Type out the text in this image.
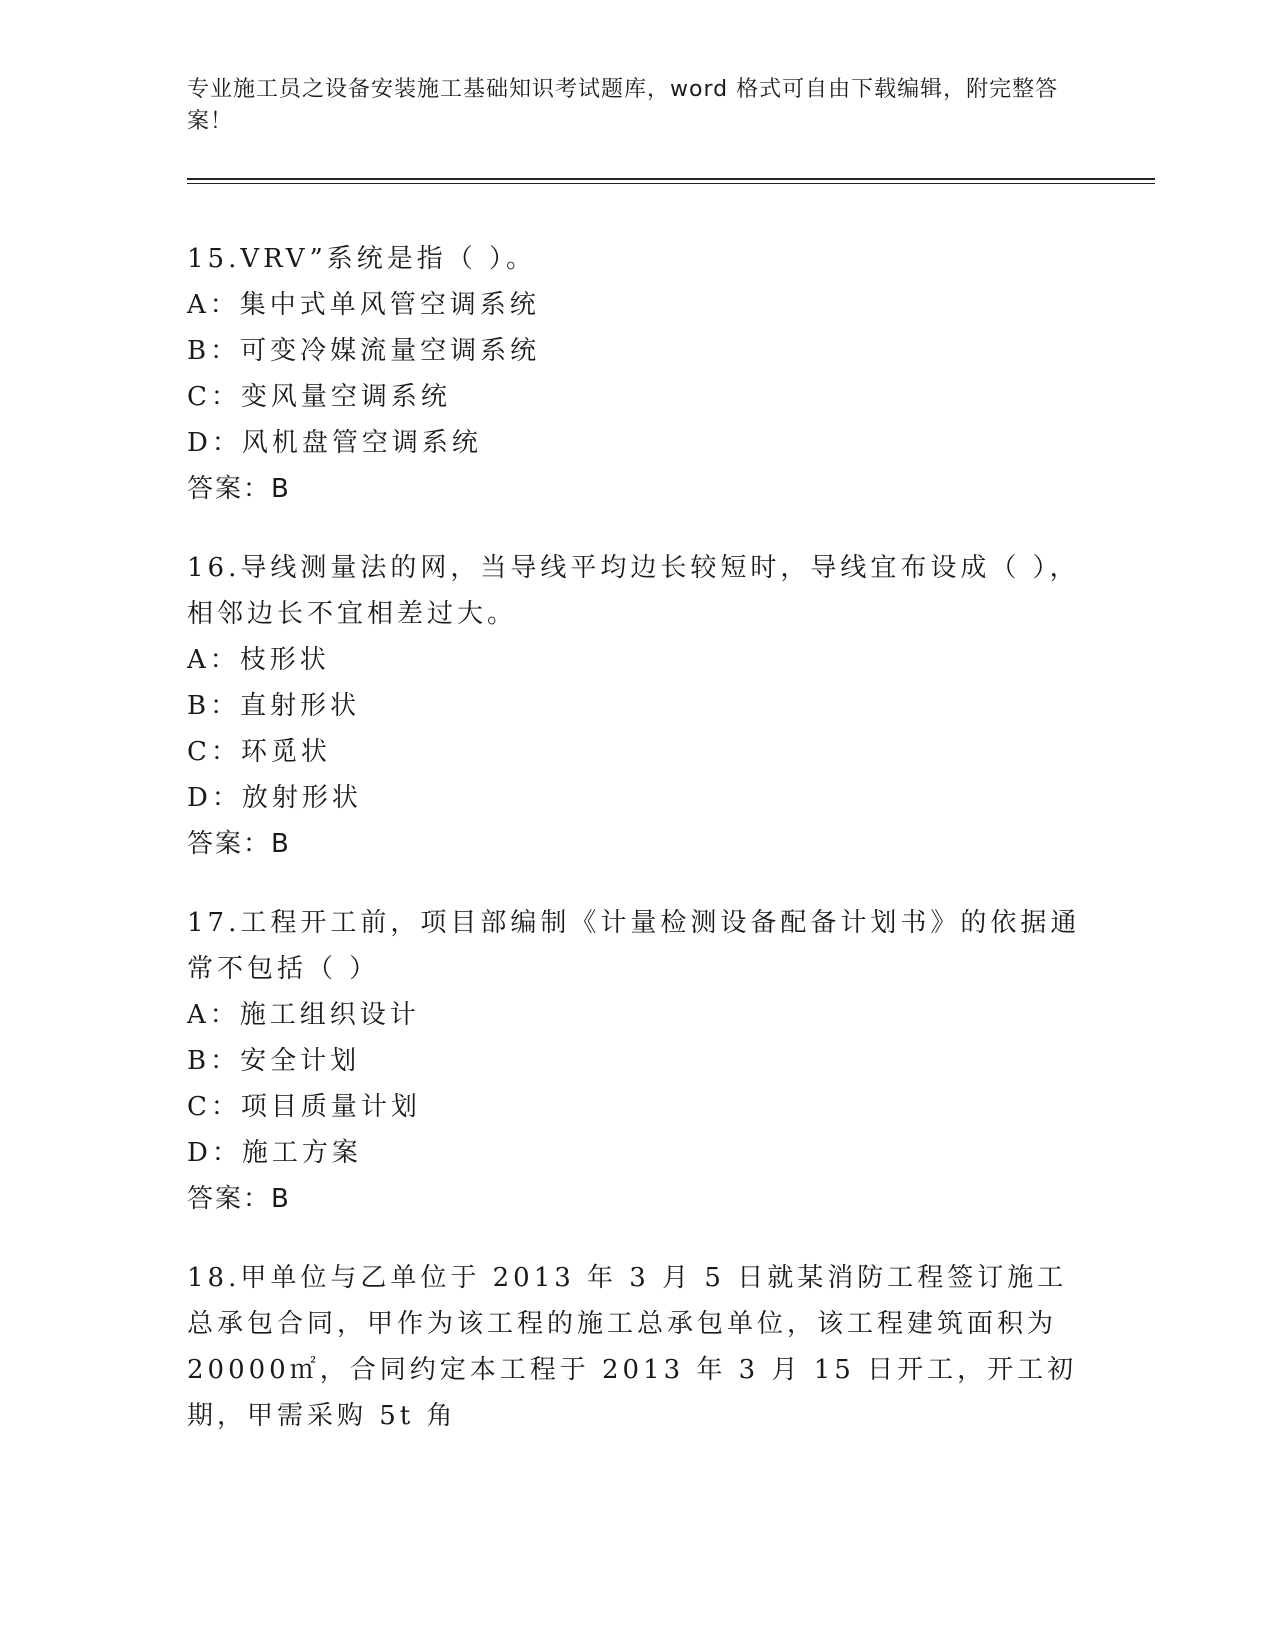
专业施工员之设备安装施工基础知识考试题库，word 格式可自由下载编辑，附完整答案！
15.VRV”系统是指（ ）。
A：集中式单风管空调系统
B：可变冷媒流量空调系统
C：变风量空调系统
D：风机盘管空调系统
答案：B
16.导线测量法的网，当导线平均边长较短时，导线宜布设成（ ），相邻边长不宜相差过大。
A：枝形状
B：直射形状
C：环觅状
D：放射形状
答案：B
17.工程开工前，项目部编制《计量检测设备配备计划书》的依据通常不包括（ ）
A：施工组织设计
B：安全计划
C：项目质量计划
D：施工方案
答案：B
18.甲单位与乙单位于 2013 年 3 月 5 日就某消防工程签订施工总承包合同，甲作为该工程的施工总承包单位，该工程建筑面积为 20000㎡，合同约定本工程于 2013 年 3 月 15 日开工，开工初期，甲需采购 5t 角
